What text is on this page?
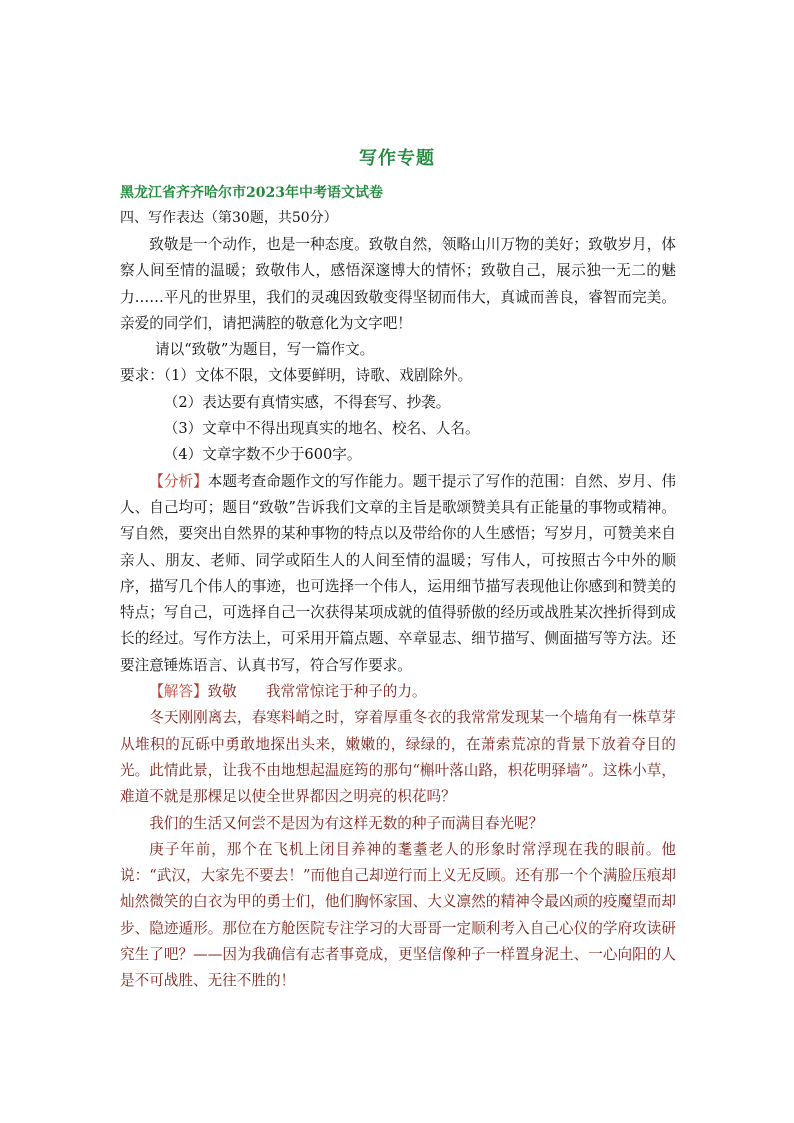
写作专题
黑龙江省齐齐哈尔市2023年中考语文试卷
四、写作表达（第30题，共50分）

致敬是一个动作，也是一种态度。致敬自然，领略山川万物的美好；致敬岁月，体察人间至情的温暖；致敬伟人，感悟深邃博大的情怀；致敬自己，展示独一无二的魅力……平凡的世界里，我们的灵魂因致敬变得坚韧而伟大，真诚而善良，睿智而完美。亲爱的同学们，请把满腔的敬意化为文字吧！

请以“致敬”为题目，写一篇作文。

要求：（1）文体不限，文体要鲜明，诗歌、戏剧除外。

（2）表达要有真情实感，不得套写、抄袭。

（3）文章中不得出现真实的地名、校名、人名。

（4）文章字数不少于600字。

【分析】本题考查命题作文的写作能力。题干提示了写作的范围：自然、岁月、伟人、自己均可；题目“致敬”告诉我们文章的主旨是歌颂赞美具有正能量的事物或精神。写自然，要突出自然界的某种事物的特点以及带给你的人生感悟；写岁月，可赞美来自亲人、朋友、老师、同学或陌生人的人间至情的温暖；写伟人，可按照古今中外的顺序，描写几个伟人的事迹，也可选择一个伟人，运用细节描写表现他让你感到和赞美的特点；写自己，可选择自己一次获得某项成就的值得骄傲的经历或战胜某次挫折得到成长的经过。写作方法上，可采用开篇点题、卒章显志、细节描写、侧面描写等方法。还要注意锤炼语言、认真书写，符合写作要求。

【解答】致敬 我常常惊诧于种子的力。

冬天刚刚离去，春寒料峭之时，穿着厚重冬衣的我常常发现某一个墙角有一株草芽从堆积的瓦砾中勇敢地探出头来，嫩嫩的，绿绿的，在萧索荒凉的背景下放着夺目的光。此情此景，让我不由地想起温庭筠的那句“槲叶落山路，枳花明驿墙”。这株小草，难道不就是那棵足以使全世界都因之明亮的枳花吗？

我们的生活又何尝不是因为有这样无数的种子而满目春光呢？

庚子年前，那个在飞机上闭目养神的耄耋老人的形象时常浮现在我的眼前。他说：“武汉，大家先不要去！”而他自己却逆行而上义无反顾。还有那一个个满脸压痕却灿然微笑的白衣为甲的勇士们，他们胸怀家国、大义凛然的精神令最凶顽的疫魔望而却步、隐迹遁形。那位在方舱医院专注学习的大哥哥一定顺利考入自己心仪的学府攻读研究生了吧？——因为我确信有志者事竟成，更坚信像种子一样置身泥土、一心向阳的人是不可战胜、无往不胜的！
